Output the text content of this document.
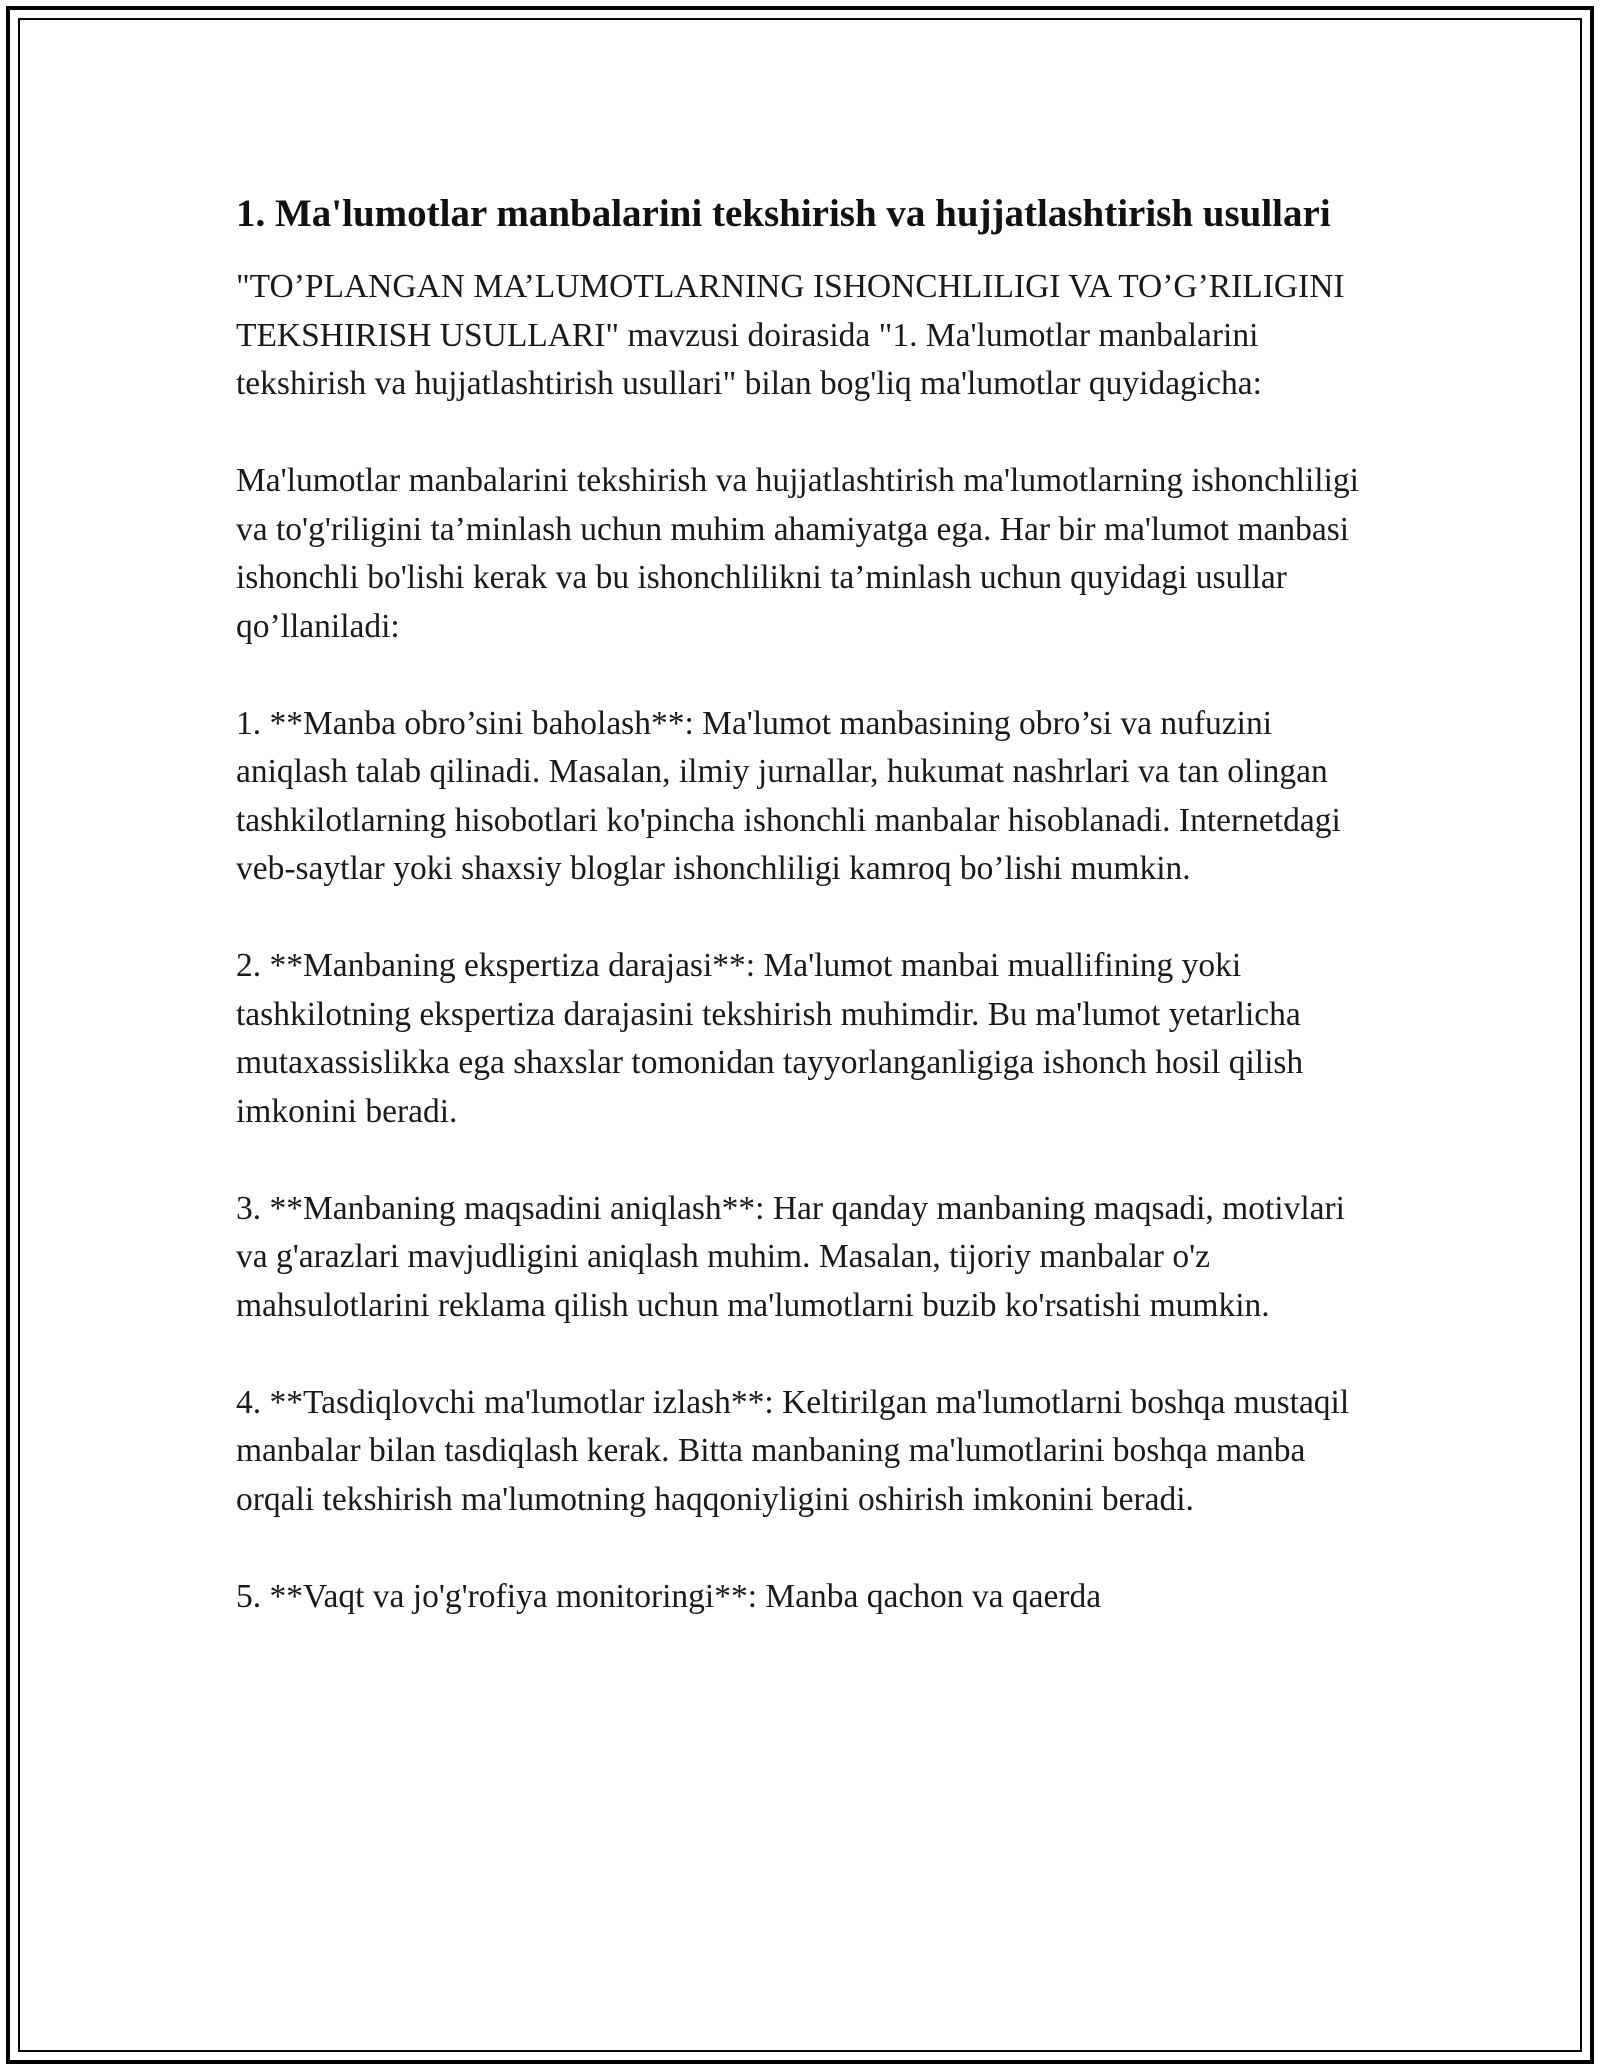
1. Ma'lumotlar manbalarini tekshirish va hujjatlashtirish usullari

"TO’PLANGAN MA’LUMOTLARNING ISHONCHLILIGI VA TO’G’RILIGINI TEKSHIRISH USULLARI" mavzusi doirasida "1. Ma'lumotlar manbalarini tekshirish va hujjatlashtirish usullari" bilan bog'liq ma'lumotlar quyidagicha:

Ma'lumotlar manbalarini tekshirish va hujjatlashtirish ma'lumotlarning ishonchliligi va to'g'riligini ta’minlash uchun muhim ahamiyatga ega. Har bir ma'lumot manbasi ishonchli bo'lishi kerak va bu ishonchlilikni ta’minlash uchun quyidagi usullar qo’llaniladi:

1. **Manba obro’sini baholash**: Ma'lumot manbasining obro’si va nufuzini aniqlash talab qilinadi. Masalan, ilmiy jurnallar, hukumat nashrlari va tan olingan tashkilotlarning hisobotlari ko'pincha ishonchli manbalar hisoblanadi. Internetdagi veb-saytlar yoki shaxsiy bloglar ishonchliligi kamroq bo’lishi mumkin.

2. **Manbaning ekspertiza darajasi**: Ma'lumot manbai muallifining yoki tashkilotning ekspertiza darajasini tekshirish muhimdir. Bu ma'lumot yetarlicha mutaxassislikka ega shaxslar tomonidan tayyorlanganligiga ishonch hosil qilish imkonini beradi.

3. **Manbaning maqsadini aniqlash**: Har qanday manbaning maqsadi, motivlari va g'arazlari mavjudligini aniqlash muhim. Masalan, tijoriy manbalar o'z mahsulotlarini reklama qilish uchun ma'lumotlarni buzib ko'rsatishi mumkin.

4. **Tasdiqlovchi ma'lumotlar izlash**: Keltirilgan ma'lumotlarni boshqa mustaqil manbalar bilan tasdiqlash kerak. Bitta manbaning ma'lumotlarini boshqa manba orqali tekshirish ma'lumotning haqqoniyligini oshirish imkonini beradi.

5. **Vaqt va jo'g'rofiya monitoringi**: Manba qachon va qaerda
